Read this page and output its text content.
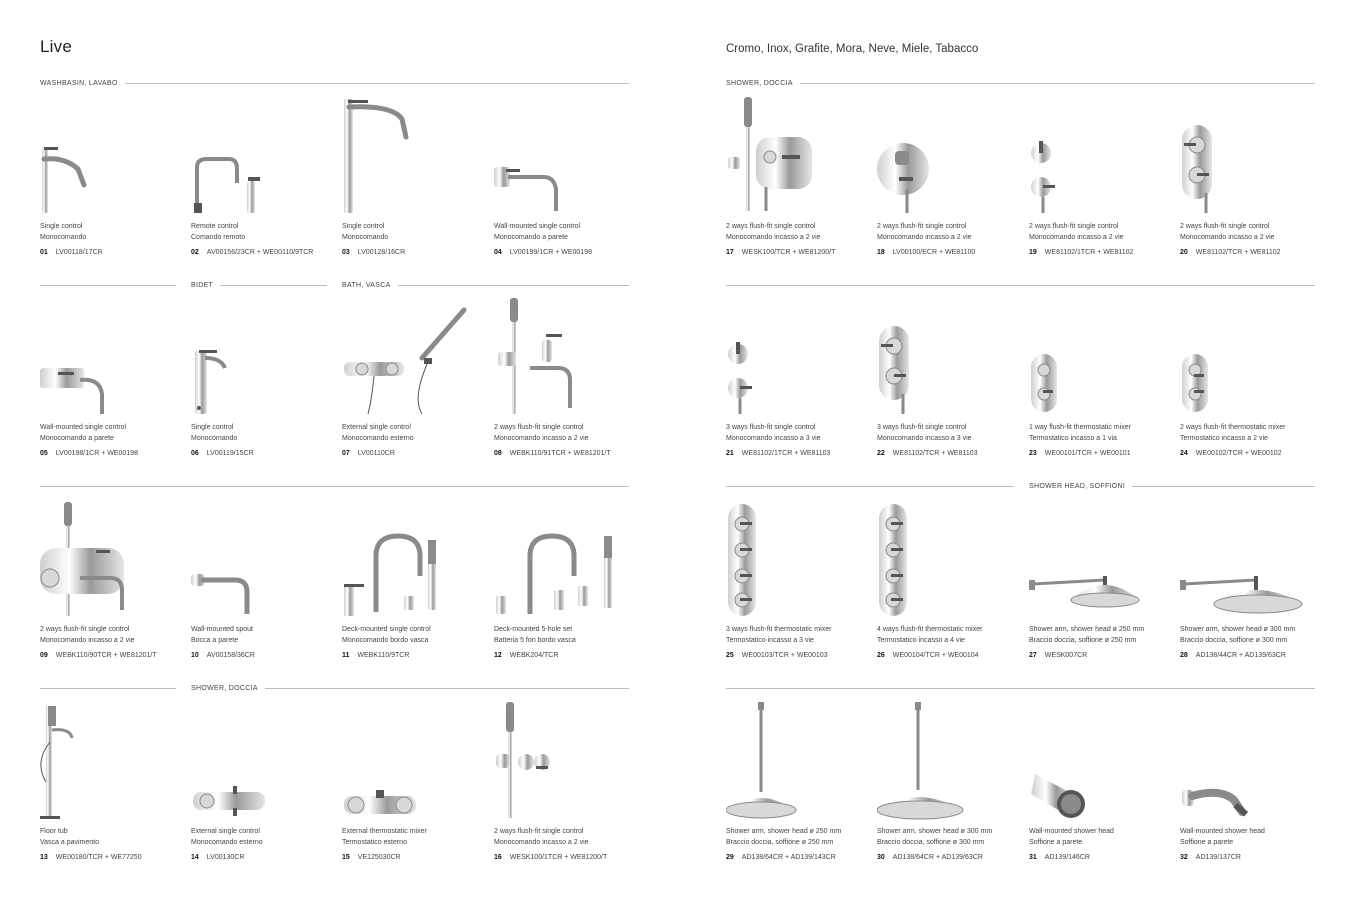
Live	Cromo, Inox, Grafite, Mora, Neve, Miele, Tabacco
WASHBASIN, LAVABO
BIDET	BATH, VASCA
SHOWER, DOCCIA
SHOWER, DOCCIA
SHOWER HEAD, SOFFIONI
Single control
Monocomando
01 LV00118/17CR
Remote control
Comando remoto
02 AV00156/23CR + WE00110/9TCR
Single control
Monocomando
03 LV00128/16CR
Wall-mounted single control
Monocomando a parete
04 LV00199/1CR + WE00198
Wall-mounted single control
Monocomando a parete
05 LV00198/1CR + WE00198
Single control
Monocomando
06 LV00119/15CR
External single control
Monocomando esterno
07 LV00110CR
2 ways flush-fit single control
Monocomando incasso a 2 vie
08 WEBK110/91TCR + WE81201/T
2 ways flush-fit single control
Monocomando incasso a 2 vie
09 WEBK110/90TCR + WE81201/T
Wall-mounted spout
Bocca a parete
10 AV00158/36CR
Deck-mounted single control
Monocomando bordo vasca
11 WEBK110/9TCR
Deck-mounted 5-hole set
Batteria 5 fori bordo vasca
12 WEBK204/TCR
Floor tub
Vasca a pavimento
13 WE00180/TCR + WE77250
External single control
Monocomando esterno
14 LV00130CR
External thermostatic mixer
Termostatico esterno
15 VE125030CR
2 ways flush-fit single control
Monocomando incasso a 2 vie
16 WESK100/1TCR + WE81200/T
2 ways flush-fit single control
Monocomando incasso a 2 vie
17 WESK100/TCR + WE81200/T
2 ways flush-fit single control
Monocomando incasso a 2 vie
18 LV00100/ECR + WE81100
2 ways flush-fit single control
Monocomando incasso a 2 vie
19 WE81102/1TCR + WE81102
2 ways flush-fit single control
Monocomando incasso a 2 vie
20 WE81102/TCR + WE81102
3 ways flush-fit single control
Monocomando incasso a 3 vie
21 WE81102/1TCR + WE81103
3 ways flush-fit single control
Monocomando incasso a 3 vie
22 WE81102/TCR + WE81103
1 way flush-fit thermostatic mixer
Termostatico incasso a 1 via
23 WE00101/TCR + WE00101
2 ways flush-fit thermostatic mixer
Termostatico incasso a 2 vie
24 WE00102/TCR + WE00102
3 ways flush-fit thermostatic mixer
Termostatico incasso a 3 vie
25 WE00103/TCR + WE00103
4 ways flush-fit thermostatic mixer
Termostatico incasso a 4 vie
26 WE00104/TCR + WE00104
Shower arm, shower head ø 250 mm
Braccio doccia, soffione ø 250 mm
27 WESK007CR
Shower arm, shower head ø 300 mm
Braccio doccia, soffione ø 300 mm
28 AD138/44CR + AD139/63CR
Shower arm, shower head ø 250 mm
Braccio doccia, soffione ø 250 mm
29 AD138/64CR + AD139/143CR
Shower arm, shower head ø 300 mm
Braccio doccia, soffione ø 300 mm
30 AD138/64CR + AD139/63CR
Wall-mounted shower head
Soffione a parete
31 AD139/146CR
Wall-mounted shower head
Soffione a parete
32 AD139/137CR
